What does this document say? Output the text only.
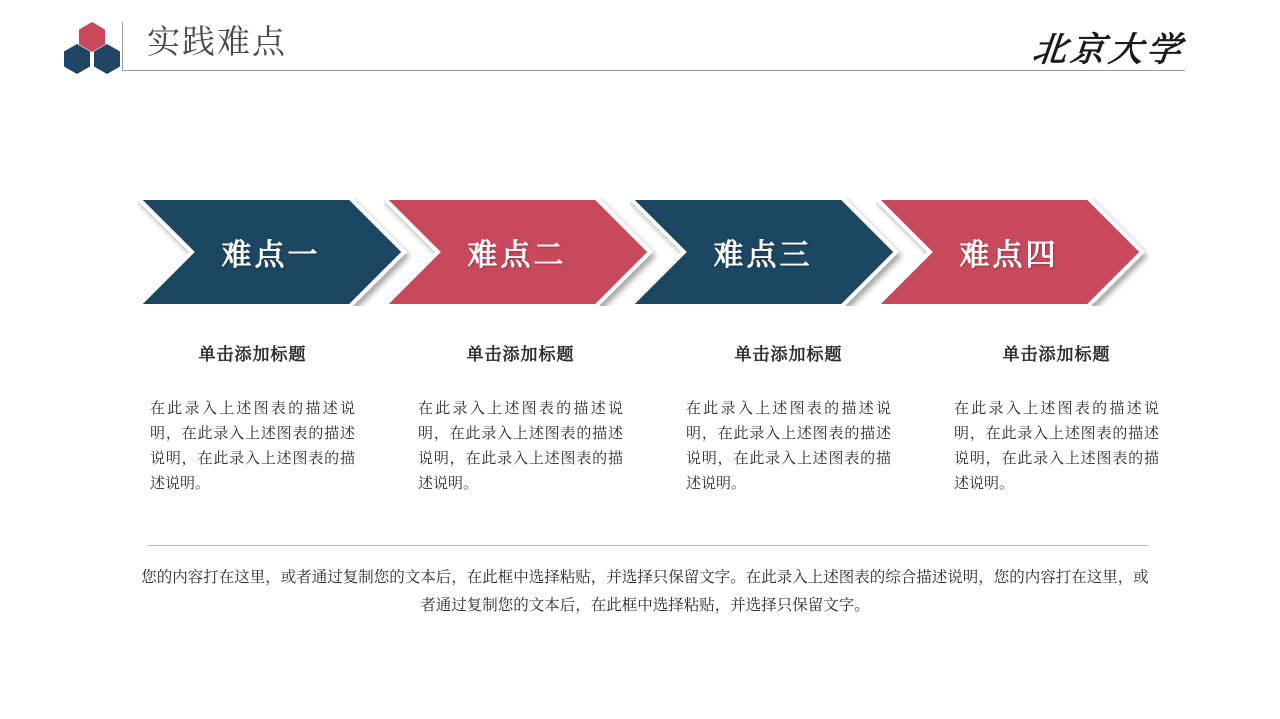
实践难点	北京大学
难点一	难点二	难点三	难点四
单击添加标题
在此录入上述图表的描述说明，在此录入上述图表的描述说明，在此录入上述图表的描述说明。
单击添加标题
在此录入上述图表的描述说明，在此录入上述图表的描述说明，在此录入上述图表的描述说明。
单击添加标题
在此录入上述图表的描述说明，在此录入上述图表的描述说明，在此录入上述图表的描述说明。
单击添加标题
在此录入上述图表的描述说明，在此录入上述图表的描述说明，在此录入上述图表的描述说明。
您的内容打在这里，或者通过复制您的文本后，在此框中选择粘贴，并选择只保留文字。在此录入上述图表的综合描述说明，您的内容打在这里，或者通过复制您的文本后，在此框中选择粘贴，并选择只保留文字。
